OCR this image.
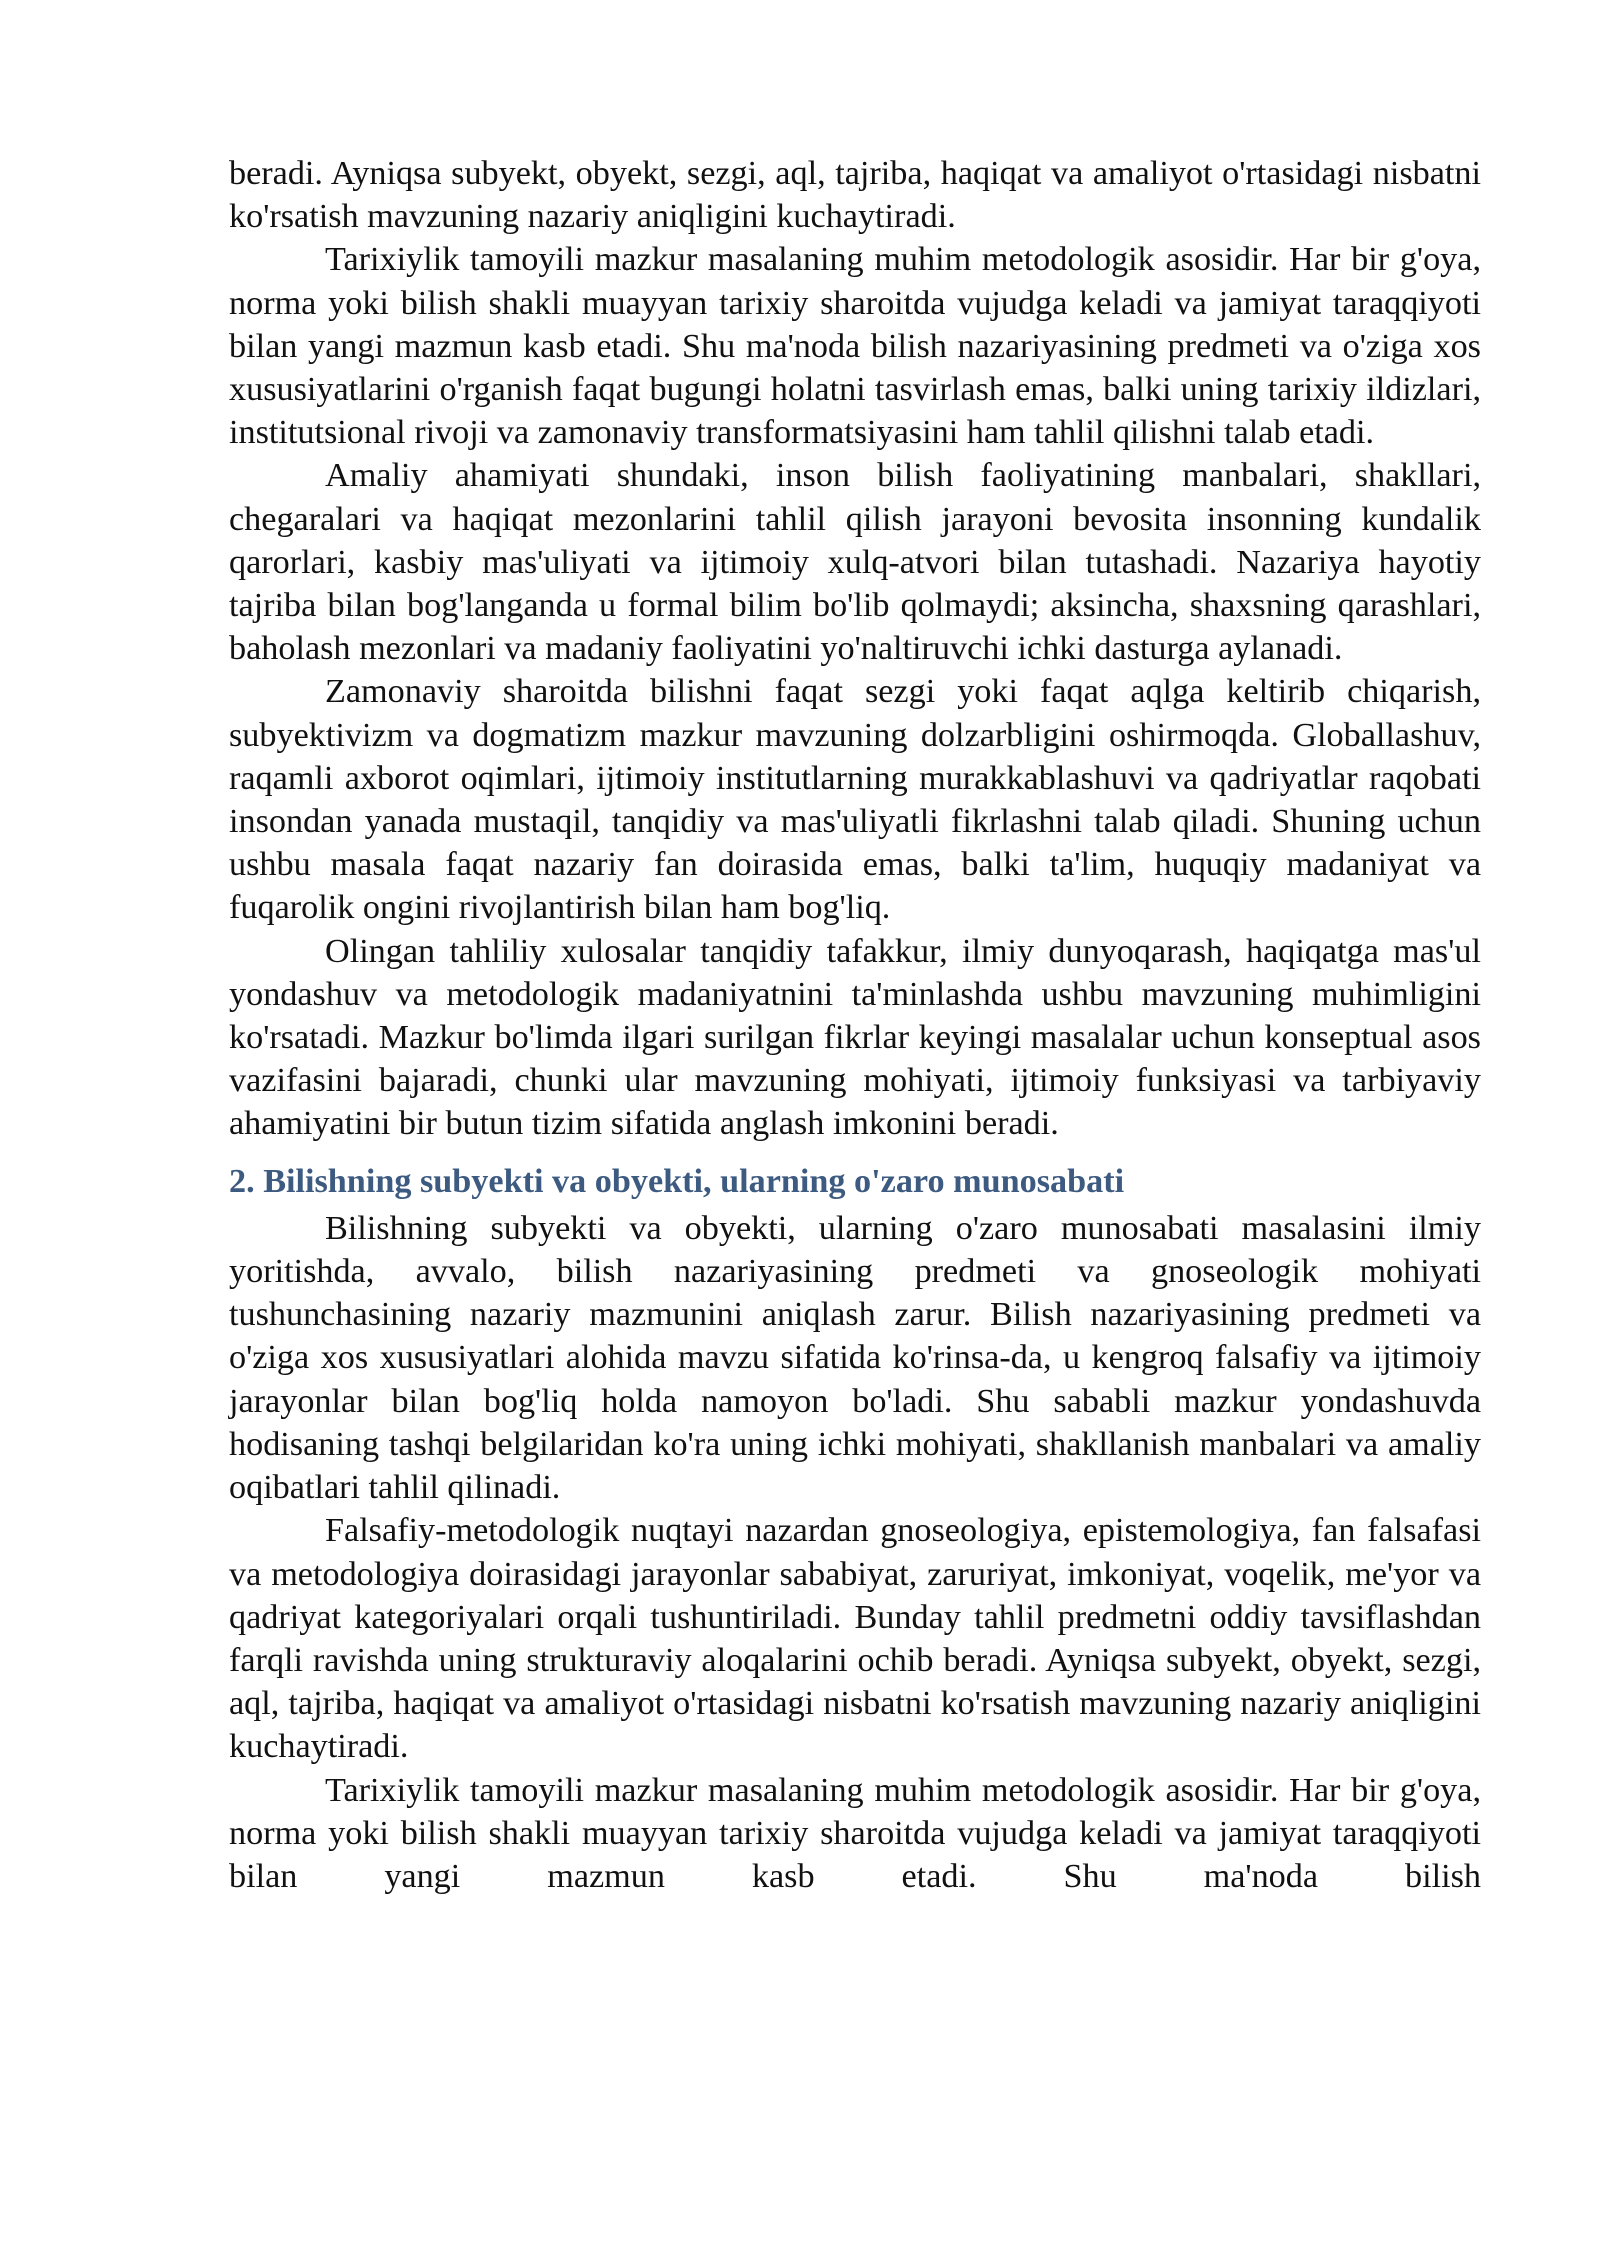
beradi. Ayniqsa subyekt, obyekt, sezgi, aql, tajriba, haqiqat va amaliyot o'rtasidagi nisbatni ko'rsatish mavzuning nazariy aniqligini kuchaytiradi.

Tarixiylik tamoyili mazkur masalaning muhim metodologik asosidir. Har bir g'oya, norma yoki bilish shakli muayyan tarixiy sharoitda vujudga keladi va jamiyat taraqqiyoti bilan yangi mazmun kasb etadi. Shu ma'noda bilish nazariyasining predmeti va o'ziga xos xususiyatlarini o'rganish faqat bugungi holatni tasvirlash emas, balki uning tarixiy ildizlari, institutsional rivoji va zamonaviy transformatsiyasini ham tahlil qilishni talab etadi.

Amaliy ahamiyati shundaki, inson bilish faoliyatining manbalari, shakllari, chegaralari va haqiqat mezonlarini tahlil qilish jarayoni bevosita insonning kundalik qarorlari, kasbiy mas'uliyati va ijtimoiy xulq-atvori bilan tutashadi. Nazariya hayotiy tajriba bilan bog'langanda u formal bilim bo'lib qolmaydi; aksincha, shaxsning qarashlari, baholash mezonlari va madaniy faoliyatini yo'naltiruvchi ichki dasturga aylanadi.

Zamonaviy sharoitda bilishni faqat sezgi yoki faqat aqlga keltirib chiqarish, subyektivizm va dogmatizm mazkur mavzuning dolzarbligini oshirmoqda. Globallashuv, raqamli axborot oqimlari, ijtimoiy institutlarning murakkablashuvi va qadriyatlar raqobati insondan yanada mustaqil, tanqidiy va mas'uliyatli fikrlashni talab qiladi. Shuning uchun ushbu masala faqat nazariy fan doirasida emas, balki ta'lim, huquqiy madaniyat va fuqarolik ongini rivojlantirish bilan ham bog'liq.

Olingan tahliliy xulosalar tanqidiy tafakkur, ilmiy dunyoqarash, haqiqatga mas'ul yondashuv va metodologik madaniyatnini ta'minlashda ushbu mavzuning muhimligini ko'rsatadi. Mazkur bo'limda ilgari surilgan fikrlar keyingi masalalar uchun konseptual asos vazifasini bajaradi, chunki ular mavzuning mohiyati, ijtimoiy funksiyasi va tarbiyaviy ahamiyatini bir butun tizim sifatida anglash imkonini beradi.

2. Bilishning subyekti va obyekti, ularning o'zaro munosabati

Bilishning subyekti va obyekti, ularning o'zaro munosabati masalasini ilmiy yoritishda, avvalo, bilish nazariyasining predmeti va gnoseologik mohiyati tushunchasining nazariy mazmunini aniqlash zarur. Bilish nazariyasining predmeti va o'ziga xos xususiyatlari alohida mavzu sifatida ko'rinsa-da, u kengroq falsafiy va ijtimoiy jarayonlar bilan bog'liq holda namoyon bo'ladi. Shu sababli mazkur yondashuvda hodisaning tashqi belgilaridan ko'ra uning ichki mohiyati, shakllanish manbalari va amaliy oqibatlari tahlil qilinadi.

Falsafiy-metodologik nuqtayi nazardan gnoseologiya, epistemologiya, fan falsafasi va metodologiya doirasidagi jarayonlar sababiyat, zaruriyat, imkoniyat, voqelik, me'yor va qadriyat kategoriyalari orqali tushuntiriladi. Bunday tahlil predmetni oddiy tavsiflashdan farqli ravishda uning strukturaviy aloqalarini ochib beradi. Ayniqsa subyekt, obyekt, sezgi, aql, tajriba, haqiqat va amaliyot o'rtasidagi nisbatni ko'rsatish mavzuning nazariy aniqligini kuchaytiradi.

Tarixiylik tamoyili mazkur masalaning muhim metodologik asosidir. Har bir g'oya, norma yoki bilish shakli muayyan tarixiy sharoitda vujudga keladi va jamiyat taraqqiyoti bilan yangi mazmun kasb etadi. Shu ma'noda bilish
